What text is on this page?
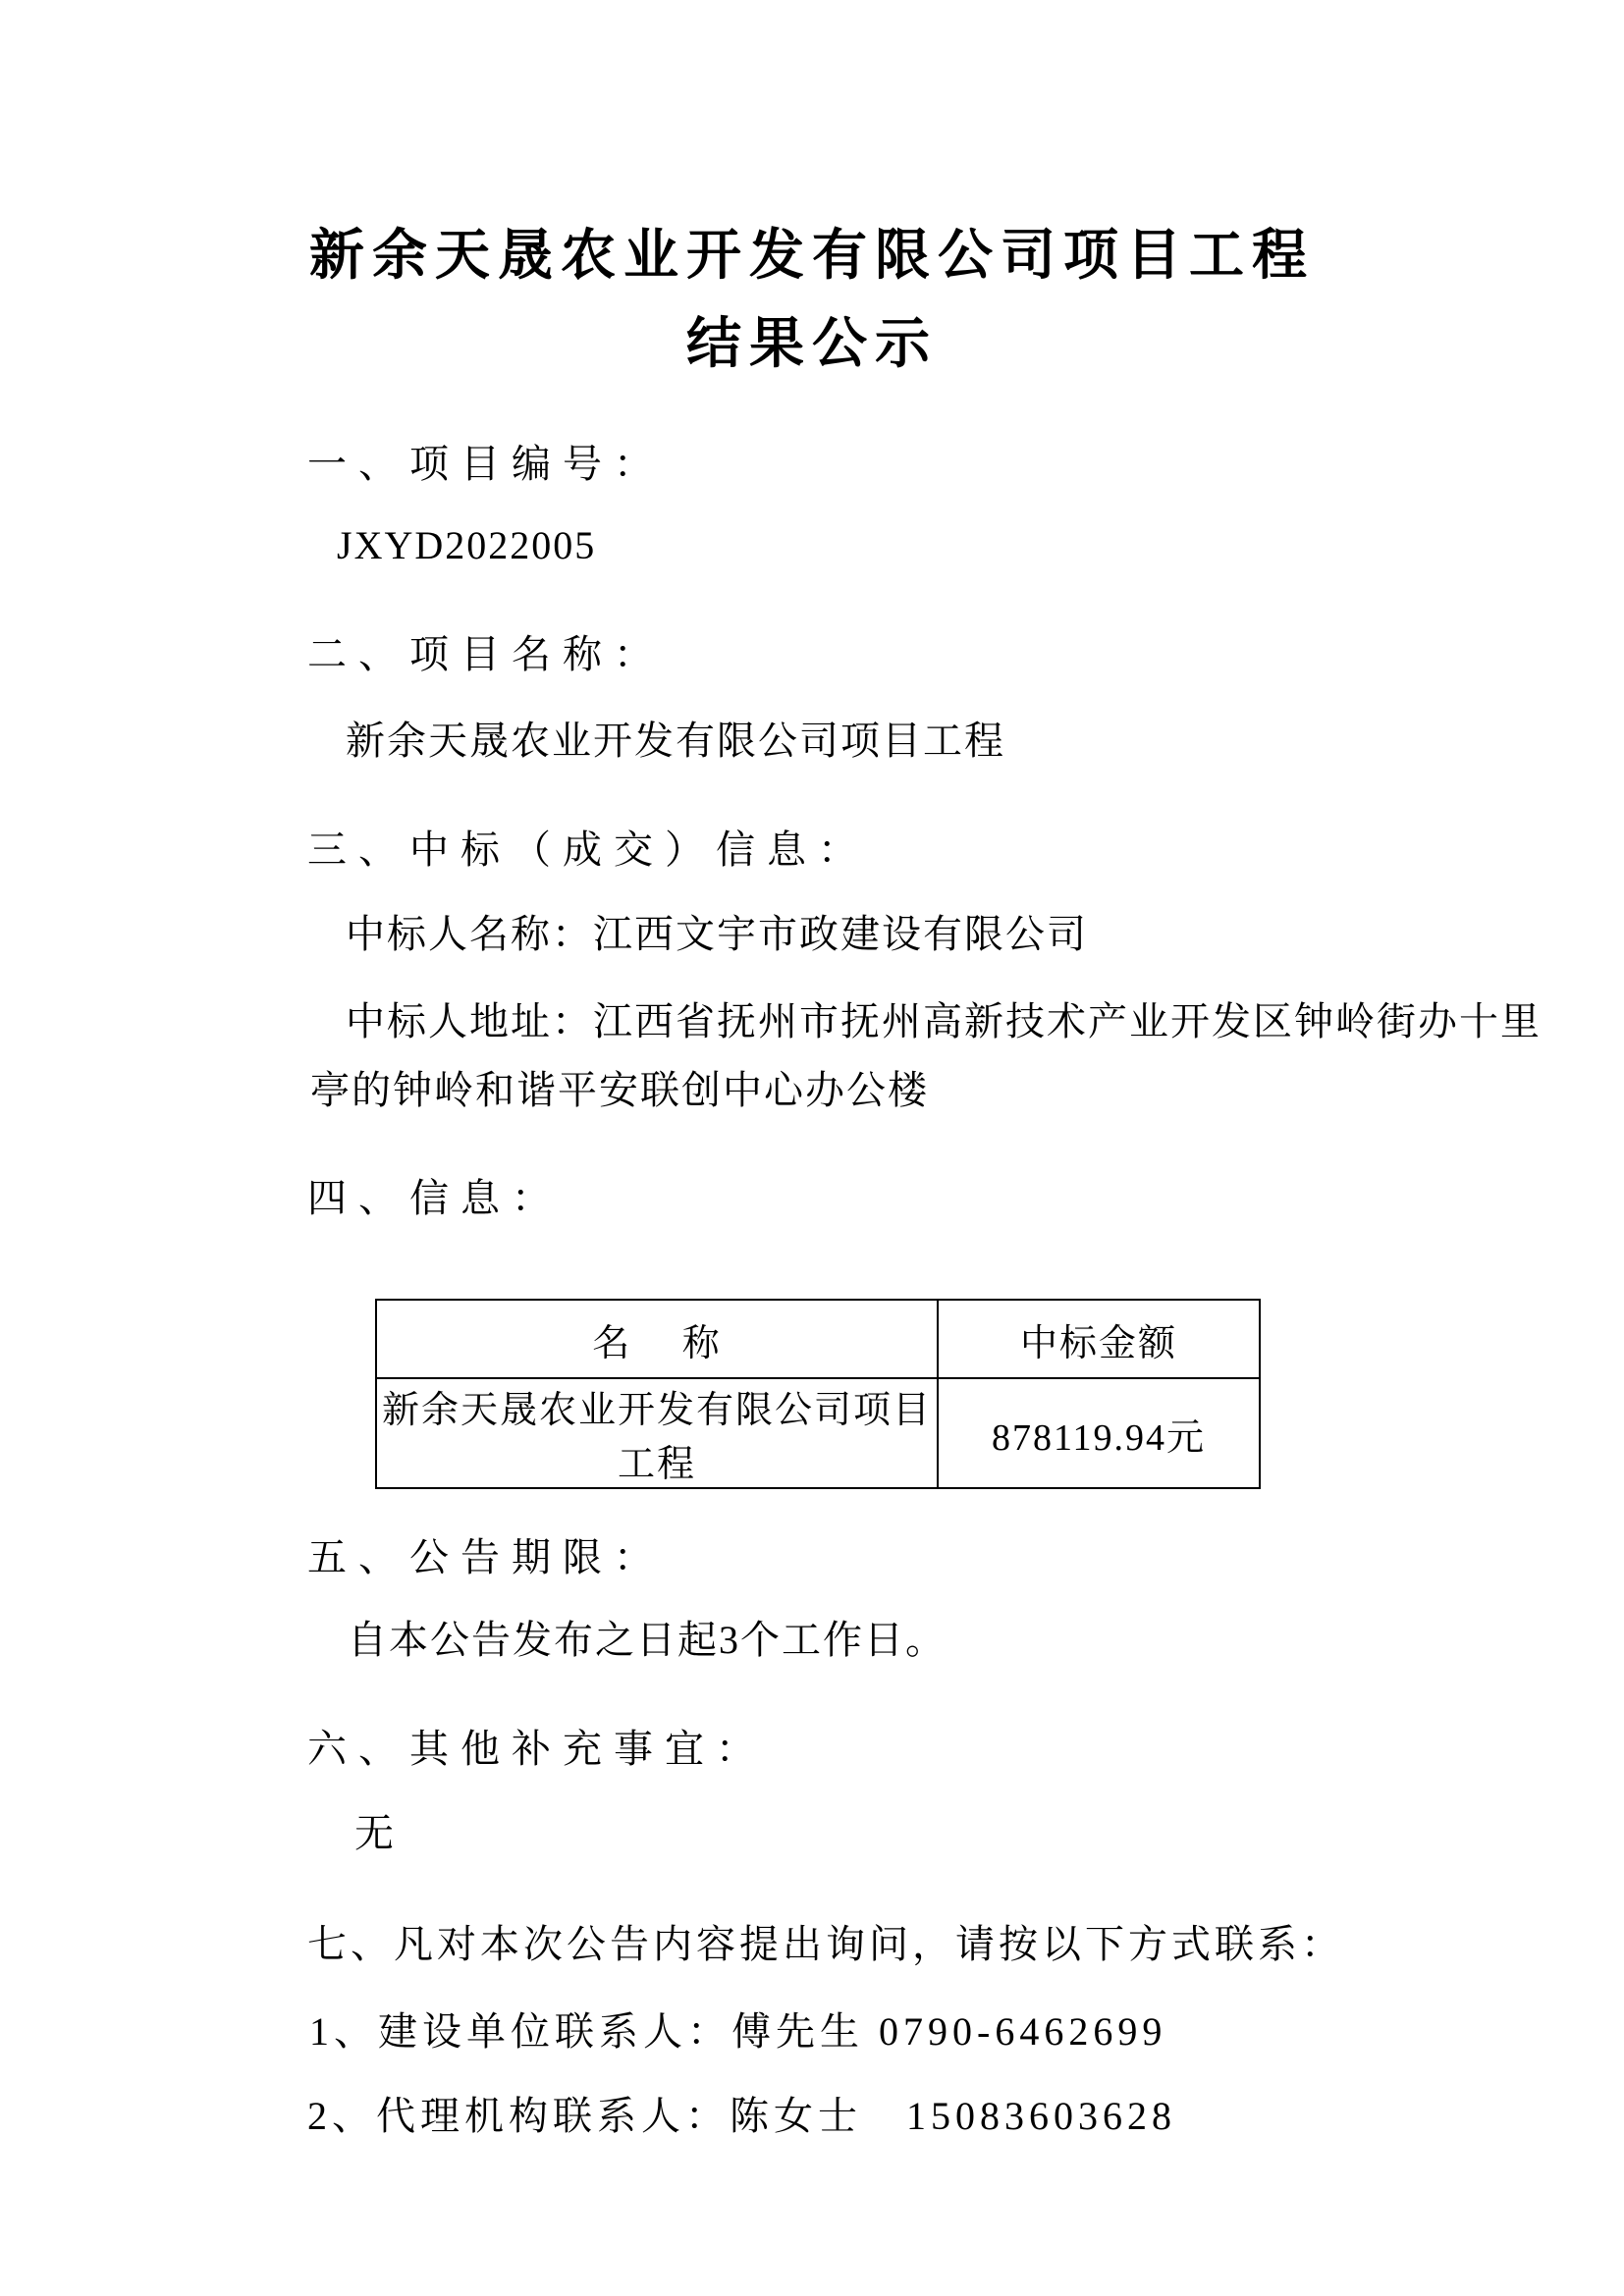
新余天晟农业开发有限公司项目工程
结果公示
一、项目编号：
JXYD2022005
二、项目名称：
新余天晟农业开发有限公司项目工程
三、中标（成交）信息：
中标人名称：江西文宇市政建设有限公司
中标人地址：江西省抚州市抚州高新技术产业开发区钟岭街办十里
亭的钟岭和谐平安联创中心办公楼
四、信息：
名　 称	中标金额
新余天晟农业开发有限公司项目工程	878119.94元
五、公告期限：
自本公告发布之日起3个工作日。
六、其他补充事宜：
无
七、凡对本次公告内容提出询问，请按以下方式联系：
1、建设单位联系人：傅先生 0790-6462699
2、代理机构联系人：陈女士　15083603628
